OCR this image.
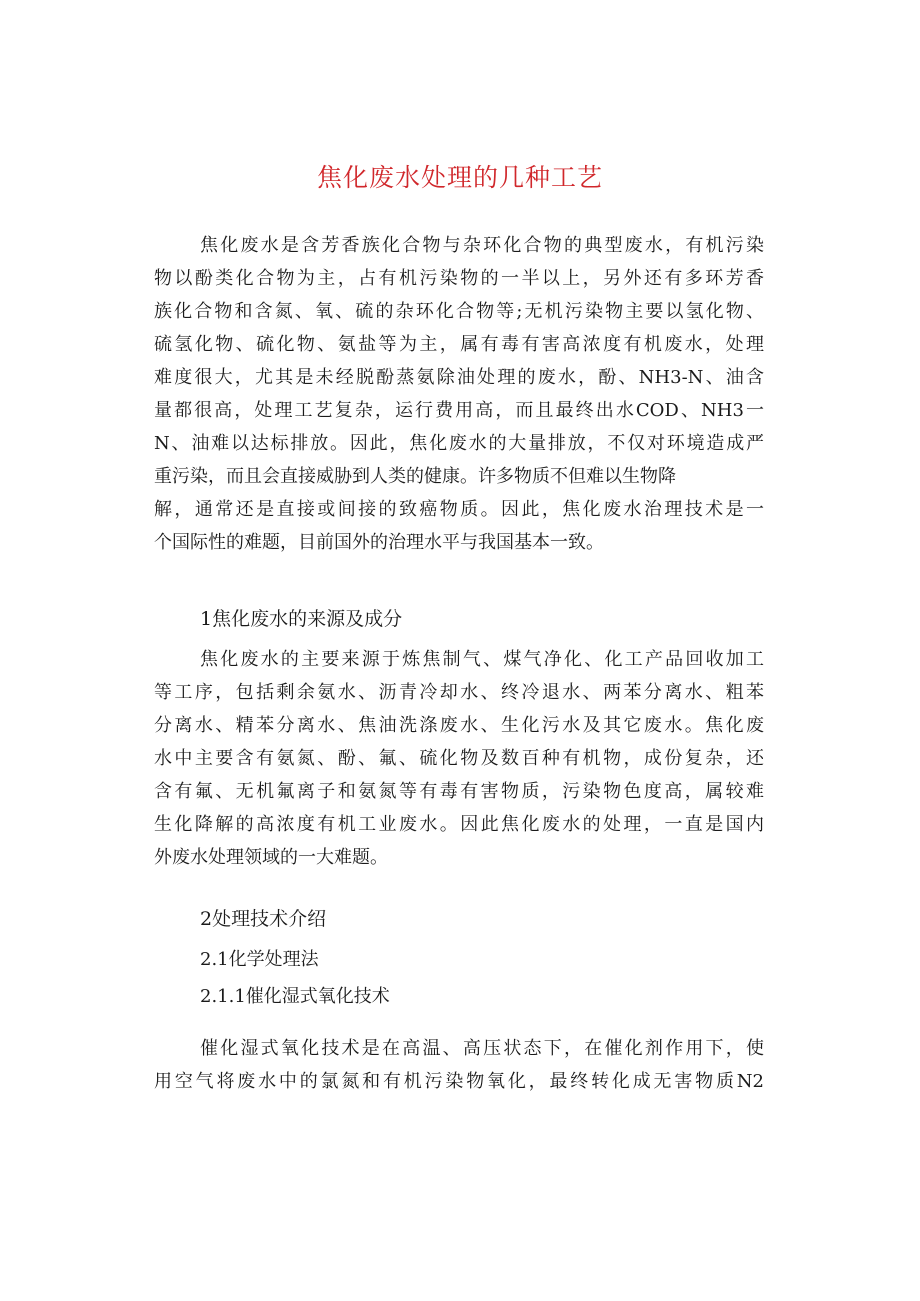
焦化废水处理的几种工艺
焦化废水是含芳香族化合物与杂环化合物的典型废水，有机污染
物以酚类化合物为主，占有机污染物的一半以上，另外还有多环芳香
族化合物和含氮、氧、硫的杂环化合物等;无机污染物主要以氢化物、
硫氢化物、硫化物、氨盐等为主，属有毒有害高浓度有机废水，处理
难度很大，尤其是未经脱酚蒸氨除油处理的废水，酚、NH3-N、油含
量都很高，处理工艺复杂，运行费用高，而且最终出水COD、NH3一
N、油难以达标排放。因此，焦化废水的大量排放，不仅对环境造成严
重污染，而且会直接威胁到人类的健康。许多物质不但难以生物降
解，通常还是直接或间接的致癌物质。因此，焦化废水治理技术是一
个国际性的难题，目前国外的治理水平与我国基本一致。
1焦化废水的来源及成分
焦化废水的主要来源于炼焦制气、煤气净化、化工产品回收加工
等工序，包括剩余氨水、沥青冷却水、终冷退水、两苯分离水、粗苯
分离水、精苯分离水、焦油洗涤废水、生化污水及其它废水。焦化废
水中主要含有氨氮、酚、氟、硫化物及数百种有机物，成份复杂，还
含有氟、无机氟离子和氨氮等有毒有害物质，污染物色度高，属较难
生化降解的高浓度有机工业废水。因此焦化废水的处理，一直是国内
外废水处理领域的一大难题。
2处理技术介绍
2.1化学处理法
2.1.1催化湿式氧化技术
催化湿式氧化技术是在高温、高压状态下，在催化剂作用下，使
用空气将废水中的氯氮和有机污染物氧化，最终转化成无害物质N2
